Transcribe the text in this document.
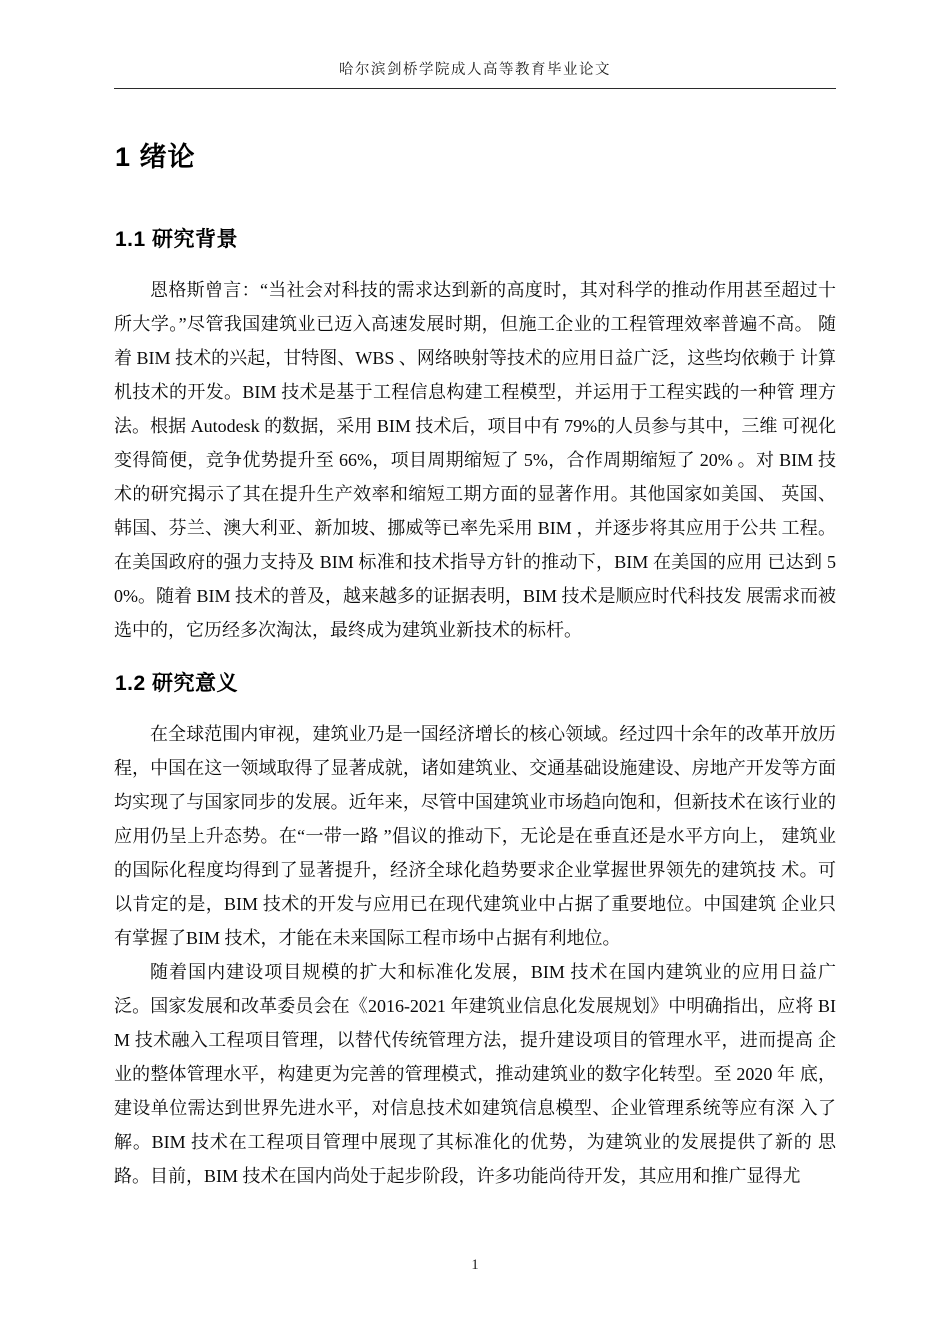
哈尔滨剑桥学院成人高等教育毕业论文
1 绪论
1.1 研究背景

恩格斯曾言：“当社会对科技的需求达到新的高度时，其对科学的推动作用甚至超过十所大学。”尽管我国建筑业已迈入高速发展时期，但施工企业的工程管理效率普遍不高。 随着 BIM 技术的兴起，甘特图、WBS 、网络映射等技术的应用日益广泛，这些均依赖于 计算机技术的开发。BIM 技术是基于工程信息构建工程模型，并运用于工程实践的一种管 理方法。根据 Autodesk 的数据，采用 BIM 技术后，项目中有 79%的人员参与其中，三维 可视化变得简便，竞争优势提升至 66%，项目周期缩短了 5%，合作周期缩短了 20% 。对 BIM 技术的研究揭示了其在提升生产效率和缩短工期方面的显著作用。其他国家如美国、 英国、韩国、芬兰、澳大利亚、新加坡、挪威等已率先采用 BIM ，并逐步将其应用于公共 工程。在美国政府的强力支持及 BIM 标准和技术指导方针的推动下，BIM 在美国的应用 已达到 50%。随着 BIM 技术的普及，越来越多的证据表明，BIM 技术是顺应时代科技发 展需求而被选中的，它历经多次淘汰，最终成为建筑业新技术的标杆。

1.2 研究意义

在全球范围内审视，建筑业乃是一国经济增长的核心领域。经过四十余年的改革开放历程，中国在这一领域取得了显著成就，诸如建筑业、交通基础设施建设、房地产开发等方面均实现了与国家同步的发展。近年来，尽管中国建筑业市场趋向饱和，但新技术在该行业的应用仍呈上升态势。在“一带一路 ”倡议的推动下，无论是在垂直还是水平方向上， 建筑业的国际化程度均得到了显著提升，经济全球化趋势要求企业掌握世界领先的建筑技 术。可以肯定的是，BIM 技术的开发与应用已在现代建筑业中占据了重要地位。中国建筑 企业只有掌握了BIM 技术，才能在未来国际工程市场中占据有利地位。

随着国内建设项目规模的扩大和标准化发展，BIM 技术在国内建筑业的应用日益广泛。国家发展和改革委员会在《2016-2021 年建筑业信息化发展规划》中明确指出，应将 BIM 技术融入工程项目管理，以替代传统管理方法，提升建设项目的管理水平，进而提高 企业的整体管理水平，构建更为完善的管理模式，推动建筑业的数字化转型。至 2020 年 底，建设单位需达到世界先进水平，对信息技术如建筑信息模型、企业管理系统等应有深 入了解。BIM 技术在工程项目管理中展现了其标准化的优势，为建筑业的发展提供了新的 思路。目前，BIM 技术在国内尚处于起步阶段，许多功能尚待开发，其应用和推广显得尤

1
